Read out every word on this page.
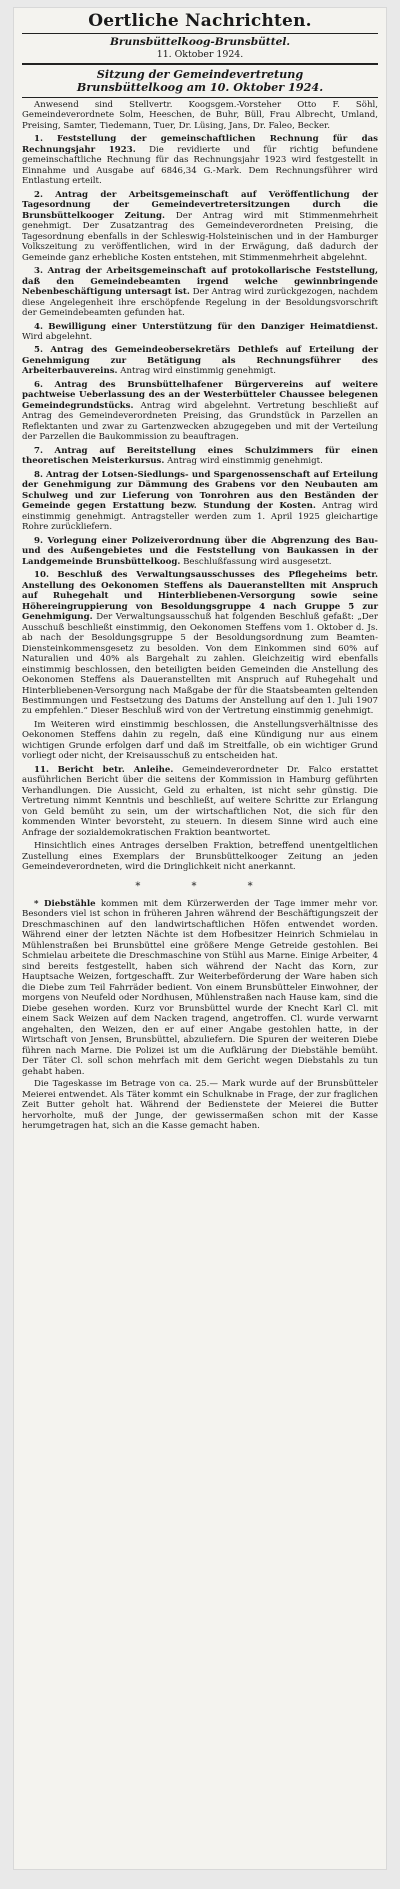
Oertliche Nachrichten.
Brunsbüttelkoog-Brunsbüttel.
11. Oktober 1924.
Sitzung der Gemeindevertretung
Brunsbüttelkoog am 10. Oktober 1924.

Anwesend sind Stellvertr. Koogsgem.-Vorsteher Otto F. Söhl, Gemeindeverordnete Solm, Heeschen, de Buhr, Büll, Frau Albrecht, Umland, Preising, Samter, Tiedemann, Tuer, Dr. Lüsing, Jans, Dr. Faleo, Becker.

1. Feststellung der gemeinschaftlichen Rechnung für das Rechnungsjahr 1923. Die revidierte und für richtig befundene gemeinschaftliche Rechnung für das Rechnungsjahr 1923 wird festgestellt in Einnahme und Ausgabe auf 6846,34 G.-Mark. Dem Rechnungsführer wird Entlastung erteilt.

2. Antrag der Arbeitsgemeinschaft auf Veröffentlichung der Tagesordnung der Gemeindevertretersitzungen durch die Brunsbüttelkooger Zeitung. Der Antrag wird mit Stimmenmehrheit genehmigt. Der Zusatzantrag des Gemeindeverordneten Preising, die Tagesordnung ebenfalls in der Schleswig-Holsteinischen und in der Hamburger Volkszeitung zu veröffentlichen, wird in der Erwägung, daß dadurch der Gemeinde ganz erhebliche Kosten entstehen, mit Stimmenmehrheit abgelehnt.

3. Antrag der Arbeitsgemeinschaft auf protokollarische Feststellung, daß den Gemeindebeamten irgend welche gewinnbringende Nebenbeschäftigung untersagt ist. Der Antrag wird zurückgezogen, nachdem diese Angelegenheit ihre erschöpfende Regelung in der Besoldungsvorschrift der Gemeindebeamten gefunden hat.

4. Bewilligung einer Unterstützung für den Danziger Heimatdienst. Wird abgelehnt.

5. Antrag des Gemeindeobersekretärs Dethlefs auf Erteilung der Genehmigung zur Betätigung als Rechnungsführer des Arbeiterbauvereins. Antrag wird einstimmig genehmigt.

6. Antrag des Brunsbüttelhafener Bürgervereins auf weitere pachtweise Ueberlassung des an der Westerbütteler Chaussee belegenen Gemeindegrundstücks. Antrag wird abgelehnt. Vertretung beschließt auf Antrag des Gemeindeverordneten Preising, das Grundstück in Parzellen an Reflektanten und zwar zu Gartenzwecken abzugegeben und mit der Verteilung der Parzellen die Baukommission zu beauftragen.

7. Antrag auf Bereitstellung eines Schulzimmers für einen theoretischen Meisterkursus. Antrag wird einstimmig genehmigt.

8. Antrag der Lotsen-Siedlungs- und Spargenossenschaft auf Erteilung der Genehmigung zur Dämmung des Grabens vor den Neubauten am Schulweg und zur Lieferung von Tonrohren aus den Beständen der Gemeinde gegen Erstattung bezw. Stundung der Kosten. Antrag wird einstimmig genehmigt. Antragsteller werden zum 1. April 1925 gleichartige Rohre zurückliefern.

9. Vorlegung einer Polizeiverordnung über die Abgrenzung des Bau- und des Außengebietes und die Feststellung von Baukassen in der Landgemeinde Brunsbüttelkoog. Beschlußfassung wird ausgesetzt.

10. Beschluß des Verwaltungsausschusses des Pflegeheims betr. Anstellung des Oekonomen Steffens als Daueranstellten mit Anspruch auf Ruhegehalt und Hinterbliebenen-Versorgung sowie seine Höhereingruppierung von Besoldungsgruppe 4 nach Gruppe 5 zur Genehmigung. Der Verwaltungsausschuß hat folgenden Beschluß gefaßt: „Der Ausschuß beschließt einstimmig, den Oekonomen Steffens vom 1. Oktober d. Js. ab nach der Besoldungsgruppe 5 der Besoldungsordnung zum Beamten-Diensteinkommensgesetz zu besolden. Von dem Einkommen sind 60% auf Naturalien und 40% als Bargehalt zu zahlen. Gleichzeitig wird ebenfalls einstimmig beschlossen, den beteiligten beiden Gemeinden die Anstellung des Oekonomen Steffens als Daueranstellten mit Anspruch auf Ruhegehalt und Hinterbliebenen-Versorgung nach Maßgabe der für die Staatsbeamten geltenden Bestimmungen und Festsetzung des Datums der Anstellung auf den 1. Juli 1907 zu empfehlen.“ Dieser Beschluß wird von der Vertretung einstimmig genehmigt.

Im Weiteren wird einstimmig beschlossen, die Anstellungsverhältnisse des Oekonomen Steffens dahin zu regeln, daß eine Kündigung nur aus einem wichtigen Grunde erfolgen darf und daß im Streitfalle, ob ein wichtiger Grund vorliegt oder nicht, der Kreisausschuß zu entscheiden hat.

11. Bericht betr. Anleihe. Gemeindeverordneter Dr. Falco erstattet ausführlichen Bericht über die seitens der Kommission in Hamburg geführten Verhandlungen. Die Aussicht, Geld zu erhalten, ist nicht sehr günstig. Die Vertretung nimmt Kenntnis und beschließt, auf weitere Schritte zur Erlangung von Geld bemüht zu sein, um der wirtschaftlichen Not, die sich für den kommenden Winter bevorsteht, zu steuern. In diesem Sinne wird auch eine Anfrage der sozialdemokratischen Fraktion beantwortet.

Hinsichtlich eines Antrages derselben Fraktion, betreffend unentgeltlichen Zustellung eines Exemplars der Brunsbüttelkooger Zeitung an jeden Gemeindeverordneten, wird die Dringlichkeit nicht anerkannt.

* * *

* Diebstähle kommen mit dem Kürzerwerden der Tage immer mehr vor. Besonders viel ist schon in früheren Jahren während der Beschäftigungszeit der Dreschmaschinen auf den landwirtschaftlichen Höfen entwendet worden. Während einer der letzten Nächte ist dem Hofbesitzer Heinrich Schmielau in Mühlenstraßen bei Brunsbüttel eine größere Menge Getreide gestohlen. Bei Schmielau arbeitete die Dreschmaschine von Stühl aus Marne. Einige Arbeiter, 4 sind bereits festgestellt, haben sich während der Nacht das Korn, zur Hauptsache Weizen, fortgeschafft. Zur Weiterbeförderung der Ware haben sich die Diebe zum Teil Fahrräder bedient. Von einem Brunsbütteler Einwohner, der morgens von Neufeld oder Nordhusen, Mühlenstraßen nach Hause kam, sind die Diebe gesehen worden. Kurz vor Brunsbüttel wurde der Knecht Karl Cl. mit einem Sack Weizen auf dem Nacken tragend, angetroffen. Cl. wurde verwarnt angehalten, den Weizen, den er auf einer Angabe gestohlen hatte, in der Wirtschaft von Jensen, Brunsbüttel, abzuliefern. Die Spuren der weiteren Diebe führen nach Marne. Die Polizei ist um die Aufklärung der Diebstähle bemüht. Der Täter Cl. soll schon mehrfach mit dem Gericht wegen Diebstahls zu tun gehabt haben.

Die Tageskasse im Betrage von ca. 25.— Mark wurde auf der Brunsbütteler Meierei entwendet. Als Täter kommt ein Schulknabe in Frage, der zur fraglichen Zeit Butter geholt hat. Während der Bedienstete der Meierei die Butter hervorholte, muß der Junge, der gewissermaßen schon mit der Kasse herumgetragen hat, sich an die Kasse gemacht haben.
